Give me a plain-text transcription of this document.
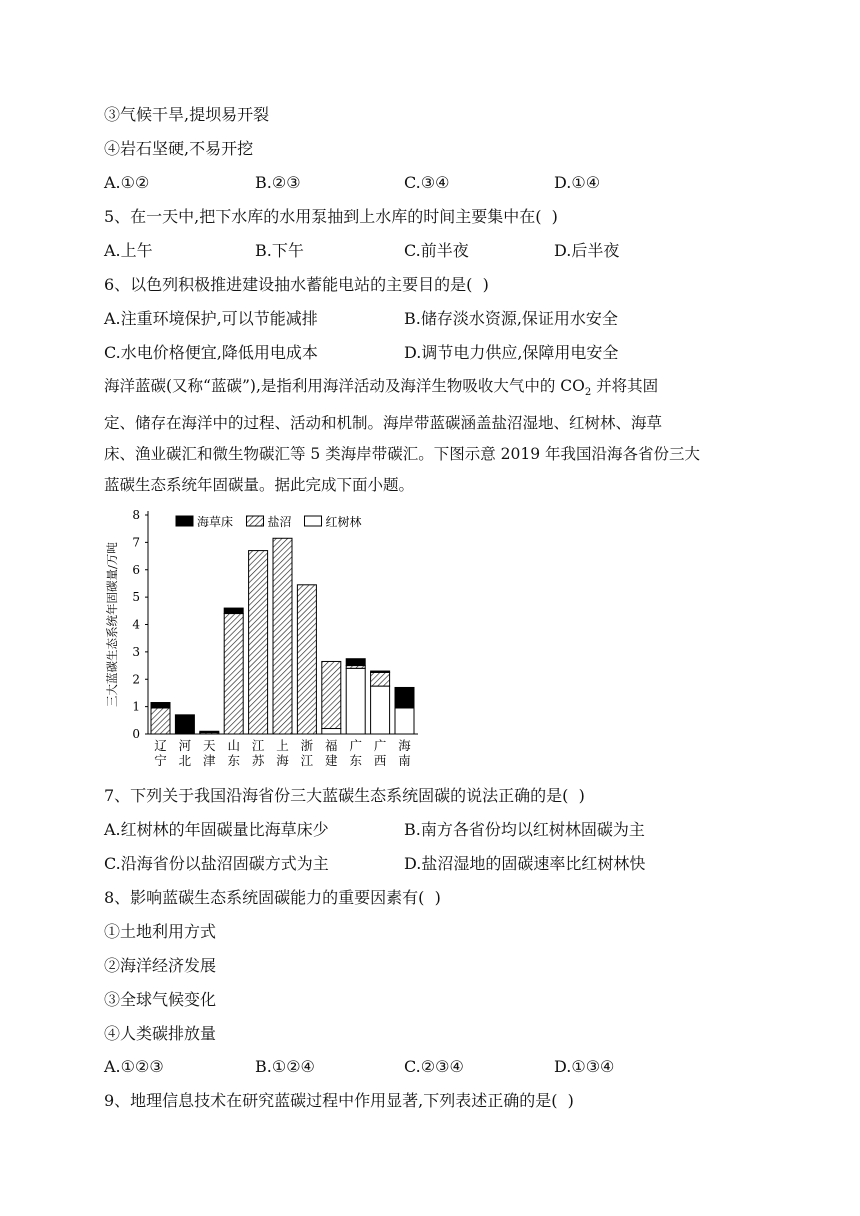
③气候干旱,提坝易开裂
④岩石坚硬,不易开挖
A.①②	B.②③	C.③④	D.①④
5、在一天中,把下水库的水用泵抽到上水库的时间主要集中在(  )
A.上午	B.下午	C.前半夜	D.后半夜
6、以色列积极推进建设抽水蓄能电站的主要目的是(  )
A.注重环境保护,可以节能减排	B.储存淡水资源,保证用水安全
C.水电价格便宜,降低用电成本	D.调节电力供应,保障用电安全
海洋蓝碳(又称“蓝碳”),是指利用海洋活动及海洋生物吸收大气中的 $CO_2$ 并将其固
定、储存在海洋中的过程、活动和机制。海岸带蓝碳涵盖盐沼湿地、红树林、海草
床、渔业碳汇和微生物碳汇等 5 类海岸带碳汇。下图示意 2019 年我国沿海各省份三大
蓝碳生态系统年固碳量。据此完成下面小题。
0
1
2
3
4
5
6
7
8
三大蓝碳生态系统年固碳量/万吨
辽
宁
河
北
天
津
山
东
江
苏
上
海
浙
江
福
建
广
东
广
西
海
南
海草床	盐沼	红树林
7、下列关于我国沿海省份三大蓝碳生态系统固碳的说法正确的是(  )
A.红树林的年固碳量比海草床少	B.南方各省份均以红树林固碳为主
C.沿海省份以盐沼固碳方式为主	D.盐沼湿地的固碳速率比红树林快
8、影响蓝碳生态系统固碳能力的重要因素有(  )
①土地利用方式
②海洋经济发展
③全球气候变化
④人类碳排放量
A.①②③	B.①②④	C.②③④	D.①③④
9、地理信息技术在研究蓝碳过程中作用显著,下列表述正确的是(  )
